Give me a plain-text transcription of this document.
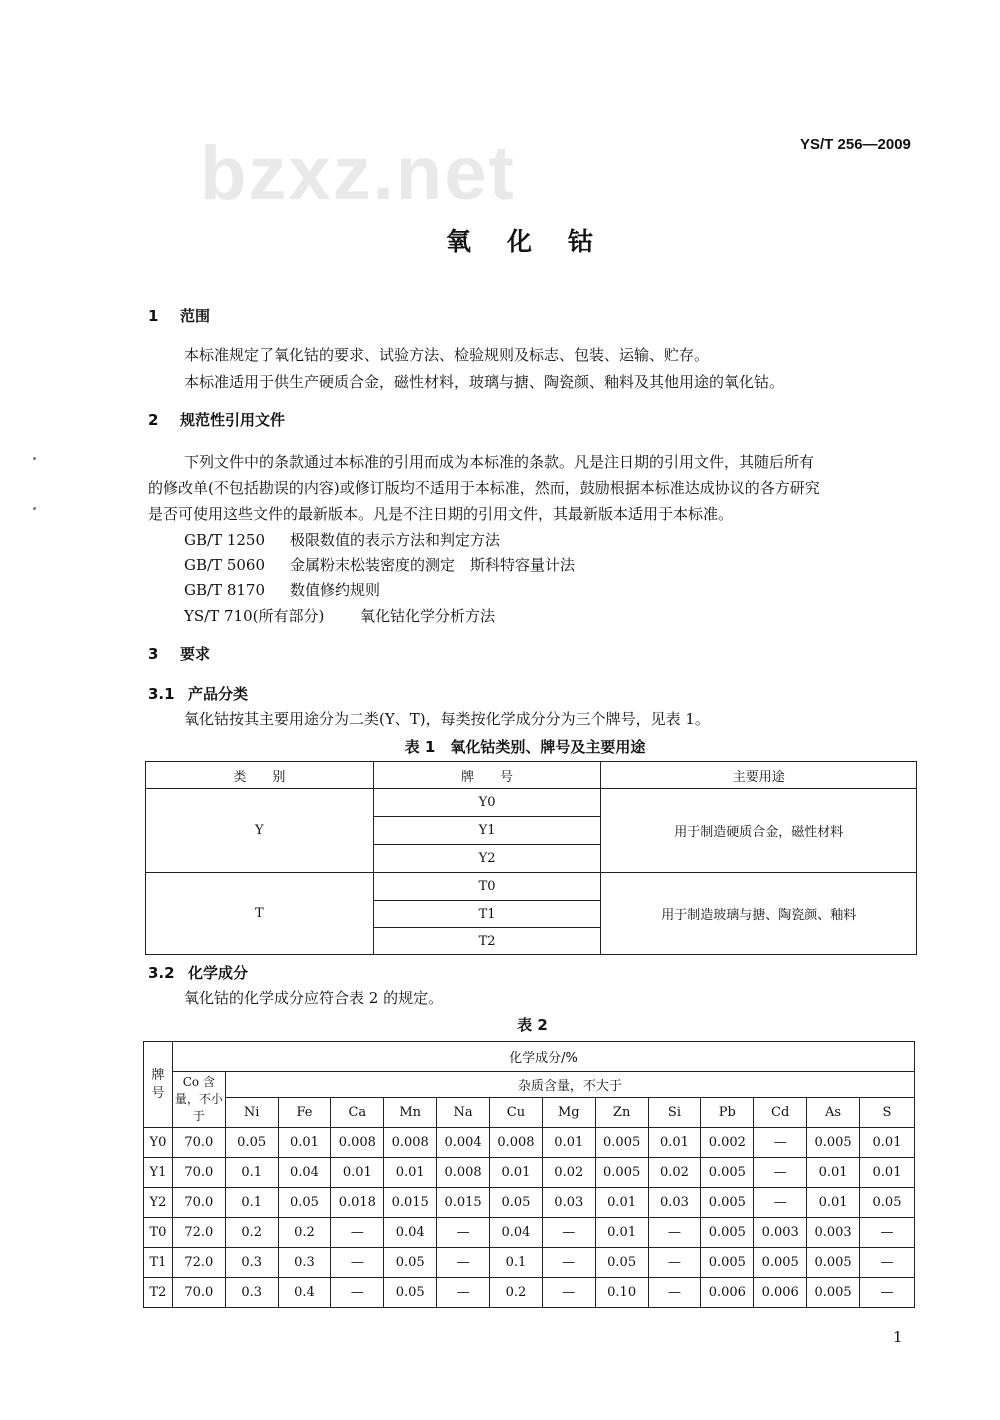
bzxz.net	YS/T 256—2009
氧化钴
1 范围
本标准规定了氧化钴的要求、试验方法、检验规则及标志、包装、运输、贮存。
本标准适用于供生产硬质合金，磁性材料，玻璃与搪、陶瓷颜、釉料及其他用途的氧化钴。
2 规范性引用文件
下列文件中的条款通过本标准的引用而成为本标准的条款。凡是注日期的引用文件，其随后所有
的修改单(不包括勘误的内容)或修订版均不适用于本标准，然而，鼓励根据本标准达成协议的各方研究
是否可使用这些文件的最新版本。凡是不注日期的引用文件，其最新版本适用于本标准。
GB/T 1250 极限数值的表示方法和判定方法
GB/T 5060 金属粉末松装密度的测定　斯科特容量计法
GB/T 8170 数值修约规则
YS/T 710(所有部分) 氧化钴化学分析方法
3 要求
3.1 产品分类
氧化钴按其主要用途分为二类(Y、T)，每类按化学成分分为三个牌号，见表 1。
表 1　氧化钴类别、牌号及主要用途
类　　别	牌　　号	主要用途
Y	Y0	用于制造硬质合金，磁性材料
	Y1	
	Y2	
T	T0	用于制造玻璃与搪、陶瓷颜、釉料
	T1	
	T2	
3.2 化学成分
氧化钴的化学成分应符合表 2 的规定。
表 2
牌号	化学成分/%													
	Co 含量，不小于	杂质含量，不大于												
		Ni	Fe	Ca	Mn	Na	Cu	Mg	Zn	Si	Pb	Cd	As	S
Y0	70.0	0.05	0.01	0.008	0.008	0.004	0.008	0.01	0.005	0.01	0.002	—	0.005	0.01
Y1	70.0	0.1	0.04	0.01	0.01	0.008	0.01	0.02	0.005	0.02	0.005	—	0.01	0.01
Y2	70.0	0.1	0.05	0.018	0.015	0.015	0.05	0.03	0.01	0.03	0.005	—	0.01	0.05
T0	72.0	0.2	0.2	—	0.04	—	0.04	—	0.01	—	0.005	0.003	0.003	—
T1	72.0	0.3	0.3	—	0.05	—	0.1	—	0.05	—	0.005	0.005	0.005	—
T2	70.0	0.3	0.4	—	0.05	—	0.2	—	0.10	—	0.006	0.006	0.005	—
1
